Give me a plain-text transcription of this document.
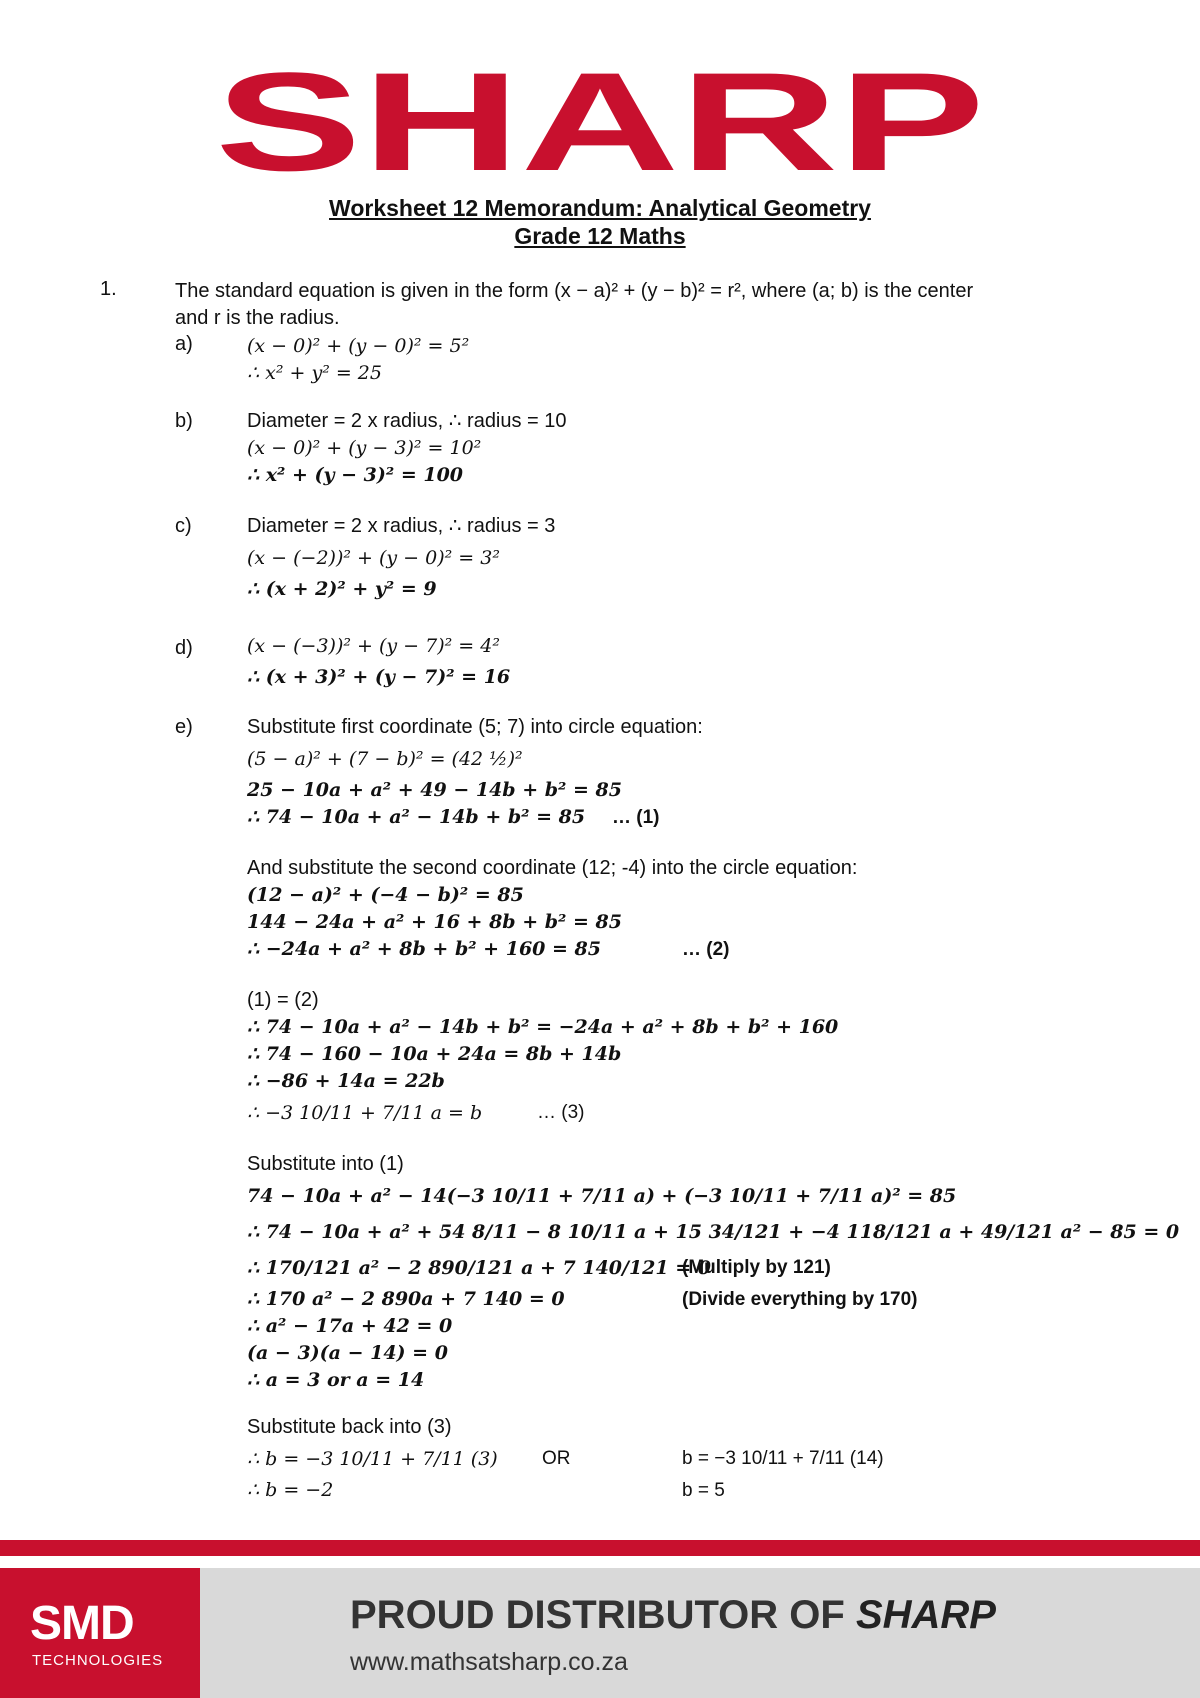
SHARP
Worksheet 12 Memorandum: Analytical Geometry
Grade 12 Maths
1.	The standard equation is given in the form (x − a)² + (y − b)² = r², where (a; b) is the center
and r is the radius.
a)	(x − 0)² + (y − 0)² = 5²
∴ x² + y² = 25
b)	Diameter = 2 x radius, ∴ radius = 10
(x − 0)² + (y − 3)² = 10²
∴ x² + (y − 3)² = 100
c)	Diameter = 2 x radius, ∴ radius = 3
(x − (−2))² + (y − 0)² = 3²
∴ (x + 2)² + y² = 9
d)	(x − (−3))² + (y − 7)² = 4²
∴ (x + 3)² + (y − 7)² = 16
e)	Substitute first coordinate (5; 7) into circle equation:
(5 − a)² + (7 − b)² = (42 ½)²
25 − 10a + a² + 49 − 14b + b² = 85
∴ 74 − 10a + a² − 14b + b² = 85 … (1)
And substitute the second coordinate (12; -4) into the circle equation:
(12 − a)² + (−4 − b)² = 85
144 − 24a + a² + 16 + 8b + b² = 85
∴ −24a + a² + 8b + b² + 160 = 85	… (2)
(1) = (2)
∴ 74 − 10a + a² − 14b + b² = −24a + a² + 8b + b² + 160
∴ 74 − 160 − 10a + 24a = 8b + 14b
∴ −86 + 14a = 22b
∴ −3 10/11 + 7/11 a = b	… (3)
Substitute into (1)
74 − 10a + a² − 14(−3 10/11 + 7/11 a) + (−3 10/11 + 7/11 a)² = 85
∴ 74 − 10a + a² + 54 8/11 − 8 10/11 a + 15 34/121 + −4 118/121 a + 49/121 a² − 85 = 0
∴ 170/121 a² − 2 890/121 a + 7 140/121 = 0
(Multiply by 121)
∴ 170 a² − 2 890a + 7 140 = 0	(Divide everything by 170)
∴ a² − 17a + 42 = 0
(a − 3)(a − 14) = 0
∴ a = 3 or a = 14
Substitute back into (3)
∴ b = −3 10/11 + 7/11 (3) OR	b = −3 10/11 + 7/11 (14)
∴ b = −2	b = 5
SMD
TECHNOLOGIES
PROUD DISTRIBUTOR OF SHARP
www.mathsatsharp.co.za
